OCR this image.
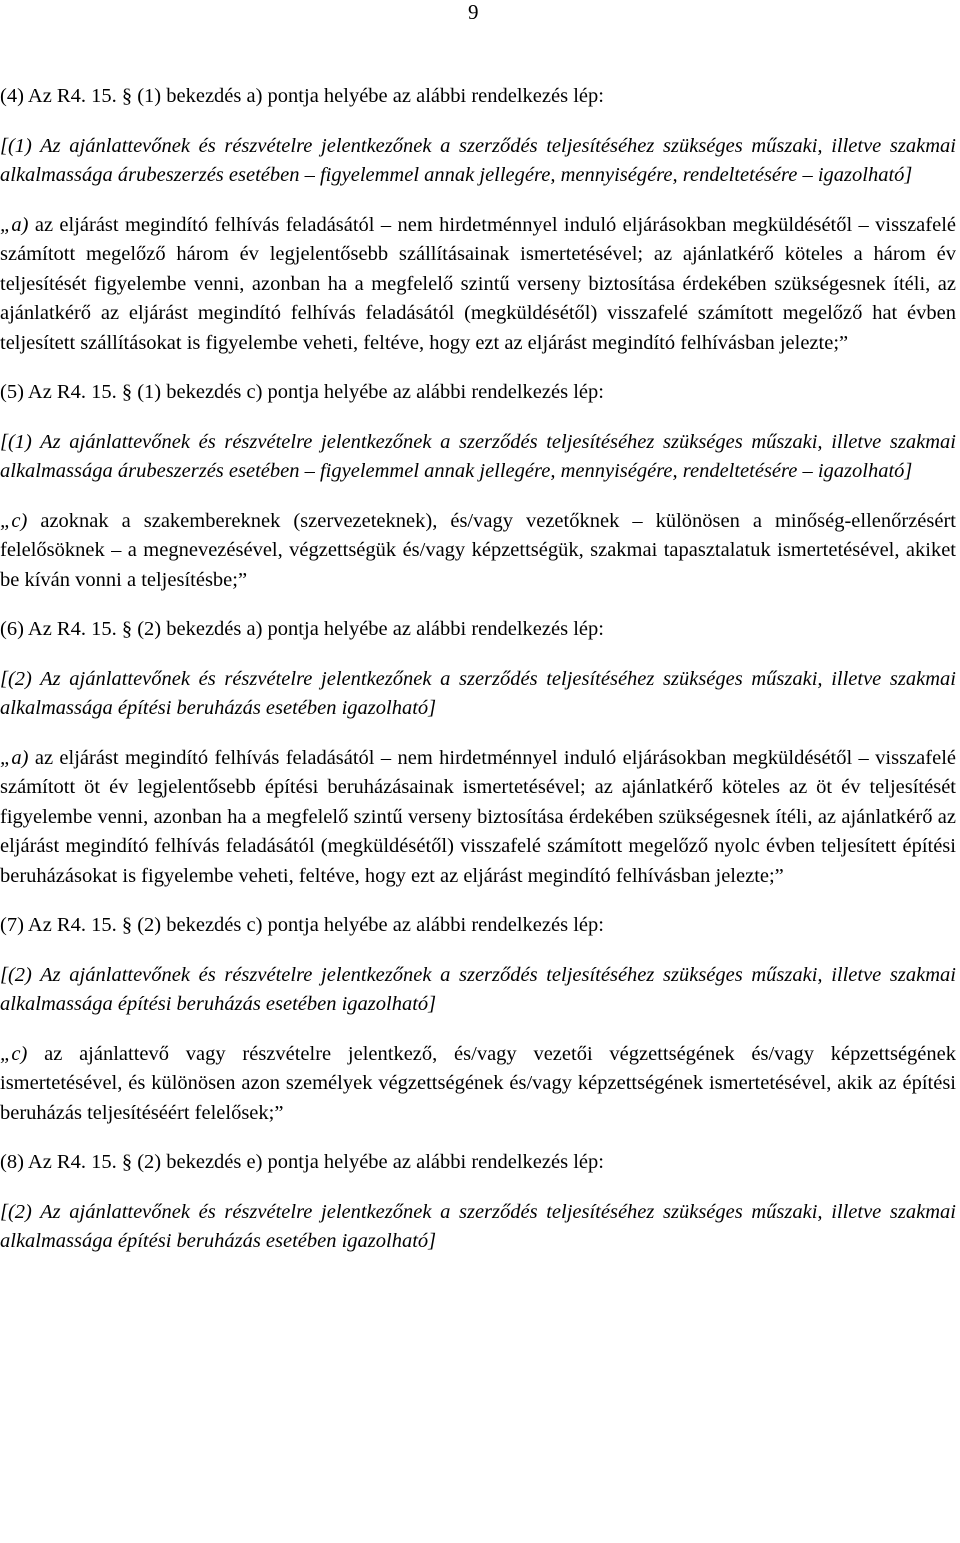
9

(4) Az R4. 15. § (1) bekezdés a) pontja helyébe az alábbi rendelkezés lép:

[(1) Az ajánlattevőnek és részvételre jelentkezőnek a szerződés teljesítéséhez szükséges műszaki, illetve szakmai alkalmassága árubeszerzés esetében – figyelemmel annak jellegére, mennyiségére, rendeltetésére – igazolható]

„a) az eljárást megindító felhívás feladásától – nem hirdetménnyel induló eljárásokban megküldésétől – visszafelé számított megelőző három év legjelentősebb szállításainak ismertetésével; az ajánlatkérő köteles a három év teljesítését figyelembe venni, azonban ha a megfelelő szintű verseny biztosítása érdekében szükségesnek ítéli, az ajánlatkérő az eljárást megindító felhívás feladásától (megküldésétől) visszafelé számított megelőző hat évben teljesített szállításokat is figyelembe veheti, feltéve, hogy ezt az eljárást megindító felhívásban jelezte;”

(5) Az R4. 15. § (1) bekezdés c) pontja helyébe az alábbi rendelkezés lép:

[(1) Az ajánlattevőnek és részvételre jelentkezőnek a szerződés teljesítéséhez szükséges műszaki, illetve szakmai alkalmassága árubeszerzés esetében – figyelemmel annak jellegére, mennyiségére, rendeltetésére – igazolható]

„c) azoknak a szakembereknek (szervezeteknek), és/vagy vezetőknek – különösen a minőség-ellenőrzésért felelősöknek – a megnevezésével, végzettségük és/vagy képzettségük, szakmai tapasztalatuk ismertetésével, akiket be kíván vonni a teljesítésbe;”

(6) Az R4. 15. § (2) bekezdés a) pontja helyébe az alábbi rendelkezés lép:

[(2) Az ajánlattevőnek és részvételre jelentkezőnek a szerződés teljesítéséhez szükséges műszaki, illetve szakmai alkalmassága építési beruházás esetében igazolható]

„a) az eljárást megindító felhívás feladásától – nem hirdetménnyel induló eljárásokban megküldésétől – visszafelé számított öt év legjelentősebb építési beruházásainak ismertetésével; az ajánlatkérő köteles az öt év teljesítését figyelembe venni, azonban ha a megfelelő szintű verseny biztosítása érdekében szükségesnek ítéli, az ajánlatkérő az eljárást megindító felhívás feladásától (megküldésétől) visszafelé számított megelőző nyolc évben teljesített építési beruházásokat is figyelembe veheti, feltéve, hogy ezt az eljárást megindító felhívásban jelezte;”

(7) Az R4. 15. § (2) bekezdés c) pontja helyébe az alábbi rendelkezés lép:

[(2) Az ajánlattevőnek és részvételre jelentkezőnek a szerződés teljesítéséhez szükséges műszaki, illetve szakmai alkalmassága építési beruházás esetében igazolható]

„c) az ajánlattevő vagy részvételre jelentkező, és/vagy vezetői végzettségének és/vagy képzettségének ismertetésével, és különösen azon személyek végzettségének és/vagy képzettségének ismertetésével, akik az építési beruházás teljesítéséért felelősek;”

(8) Az R4. 15. § (2) bekezdés e) pontja helyébe az alábbi rendelkezés lép:

[(2) Az ajánlattevőnek és részvételre jelentkezőnek a szerződés teljesítéséhez szükséges műszaki, illetve szakmai alkalmassága építési beruházás esetében igazolható]
